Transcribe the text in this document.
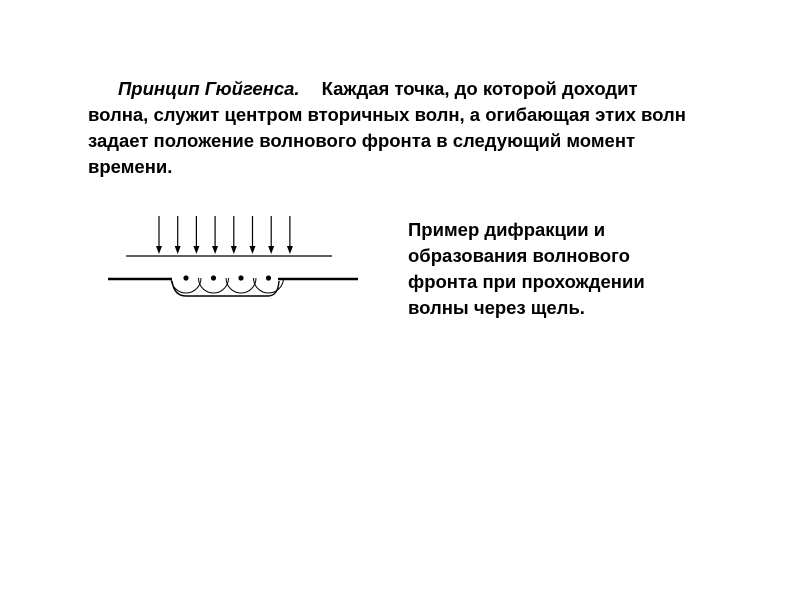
Принцип Гюйгенса. Каждая точка, до которой доходит волна, служит центром вторичных волн, а огибающая этих волн задает положение волнового фронта в следующий момент времени.

Пример дифракции и образования волнового фронта при прохождении волны через щель.
